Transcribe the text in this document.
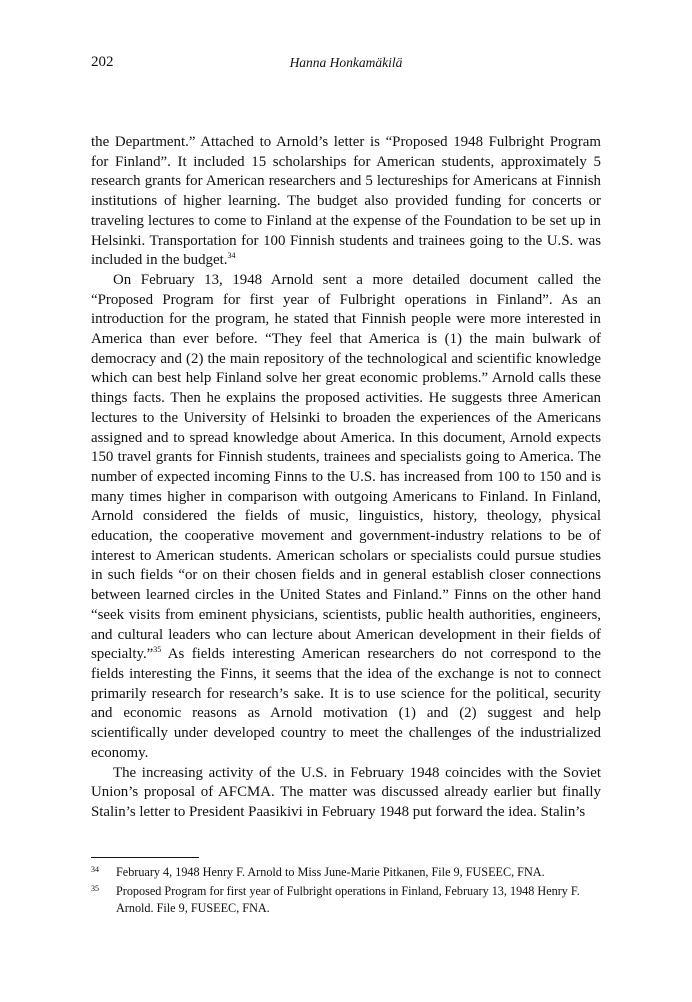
202	Hanna Honkamäkilä

the Department.” Attached to Arnold’s letter is “Proposed 1948 Fulbright Program for Finland”. It included 15 scholarships for American students, approximately 5 research grants for American researchers and 5 lectureships for Americans at Finnish institutions of higher learning. The budget also provided funding for concerts or traveling lectures to come to Finland at the expense of the Foundation to be set up in Helsinki. Transportation for 100 Finnish students and trainees going to the U.S. was included in the budget.$^{34}$

On February 13, 1948 Arnold sent a more detailed document called the “Proposed Program for first year of Fulbright operations in Finland”. As an introduction for the program, he stated that Finnish people were more interested in America than ever before. “They feel that America is (1) the main bulwark of democracy and (2) the main repository of the technological and scientific knowledge which can best help Finland solve her great economic problems.” Arnold calls these things facts. Then he explains the proposed activities. He suggests three American lectures to the University of Helsinki to broaden the experiences of the Americans assigned and to spread knowledge about America. In this document, Arnold expects 150 travel grants for Finnish students, trainees and specialists going to America. The number of expected incoming Finns to the U.S. has increased from 100 to 150 and is many times higher in comparison with outgoing Americans to Finland. In Finland, Arnold considered the fields of music, linguistics, history, theology, physical education, the cooperative movement and government-industry relations to be of interest to American students. American scholars or specialists could pursue studies in such fields “or on their chosen fields and in general establish closer connections between learned circles in the United States and Finland.” Finns on the other hand “seek visits from eminent physicians, scientists, public health authorities, engineers, and cultural leaders who can lecture about American development in their fields of specialty.”$^{35}$ As fields interesting American researchers do not correspond to the fields interesting the Finns, it seems that the idea of the exchange is not to connect primarily research for research’s sake. It is to use science for the political, security and economic reasons as Arnold motivation (1) and (2) suggest and help scientifically under developed country to meet the challenges of the industrialized economy.

The increasing activity of the U.S. in February 1948 coincides with the Soviet Union’s proposal of AFCMA. The matter was discussed already earlier but finally Stalin’s letter to President Paasikivi in February 1948 put forward the idea. Stalin’s

34 February 4, 1948 Henry F. Arnold to Miss June-Marie Pitkanen, File 9, FUSEEC, FNA.

35 Proposed Program for first year of Fulbright operations in Finland, February 13, 1948 Henry F. Arnold. File 9, FUSEEC, FNA.
